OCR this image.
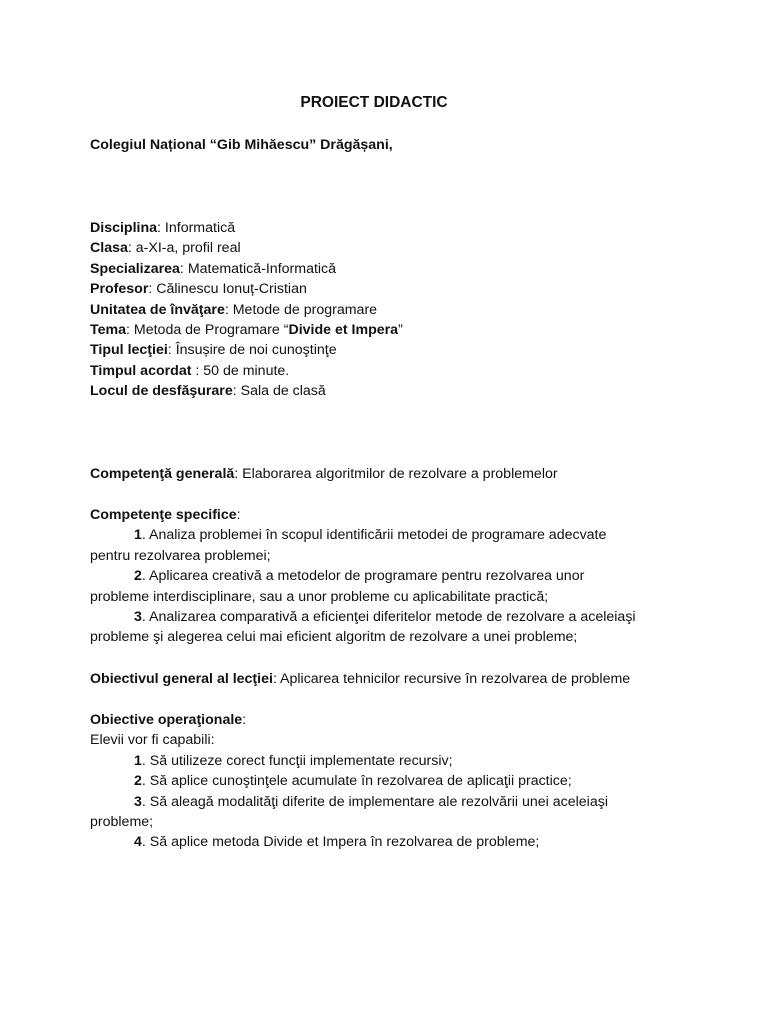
PROIECT DIDACTIC

Colegiul Național “Gib Mihăescu” Drăgășani,

Disciplina: Informatică
Clasa: a-XI-a, profil real
Specializarea: Matematică-Informatică
Profesor: Călinescu Ionuț-Cristian
Unitatea de învăţare: Metode de programare
Tema: Metoda de Programare “Divide et Impera”
Tipul lecţiei: Însușire de noi cunoştinţe
Timpul acordat : 50 de minute.
Locul de desfăşurare: Sala de clasă
Competenţă generală: Elaborarea algoritmilor de rezolvare a problemelor
Competenţe specifice:
1. Analiza problemei în scopul identificării metodei de programare adecvate
pentru rezolvarea problemei;
2. Aplicarea creativă a metodelor de programare pentru rezolvarea unor
probleme interdisciplinare, sau a unor probleme cu aplicabilitate practică;
3. Analizarea comparativă a eficienţei diferitelor metode de rezolvare a aceleiaşi
probleme şi alegerea celui mai eficient algoritm de rezolvare a unei probleme;
Obiectivul general al lecţiei: Aplicarea tehnicilor recursive în rezolvarea de probleme
Obiective operaţionale:
Elevii vor fi capabili:
1. Să utilizeze corect funcţii implementate recursiv;
2. Să aplice cunoştinţele acumulate în rezolvarea de aplicaţii practice;
3. Să aleagă modalităţi diferite de implementare ale rezolvării unei aceleiaşi
probleme;
4. Să aplice metoda Divide et Impera în rezolvarea de probleme;
